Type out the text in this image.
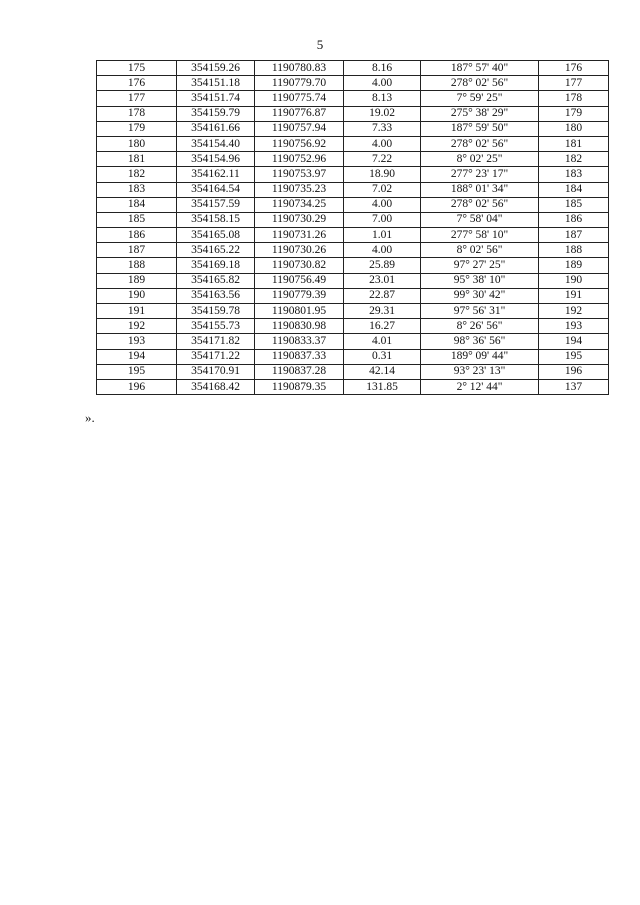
5
175	354159.26	1190780.83	8.16	187° 57' 40"	176
176	354151.18	1190779.70	4.00	278° 02' 56"	177
177	354151.74	1190775.74	8.13	7° 59' 25"	178
178	354159.79	1190776.87	19.02	275° 38' 29"	179
179	354161.66	1190757.94	7.33	187° 59' 50"	180
180	354154.40	1190756.92	4.00	278° 02' 56"	181
181	354154.96	1190752.96	7.22	8° 02' 25"	182
182	354162.11	1190753.97	18.90	277° 23' 17"	183
183	354164.54	1190735.23	7.02	188° 01' 34"	184
184	354157.59	1190734.25	4.00	278° 02' 56"	185
185	354158.15	1190730.29	7.00	7° 58' 04"	186
186	354165.08	1190731.26	1.01	277° 58' 10"	187
187	354165.22	1190730.26	4.00	8° 02' 56"	188
188	354169.18	1190730.82	25.89	97° 27' 25"	189
189	354165.82	1190756.49	23.01	95° 38' 10"	190
190	354163.56	1190779.39	22.87	99° 30' 42"	191
191	354159.78	1190801.95	29.31	97° 56' 31"	192
192	354155.73	1190830.98	16.27	8° 26' 56"	193
193	354171.82	1190833.37	4.01	98° 36' 56"	194
194	354171.22	1190837.33	0.31	189° 09' 44"	195
195	354170.91	1190837.28	42.14	93° 23' 13"	196
196	354168.42	1190879.35	131.85	2° 12' 44"	137
».
